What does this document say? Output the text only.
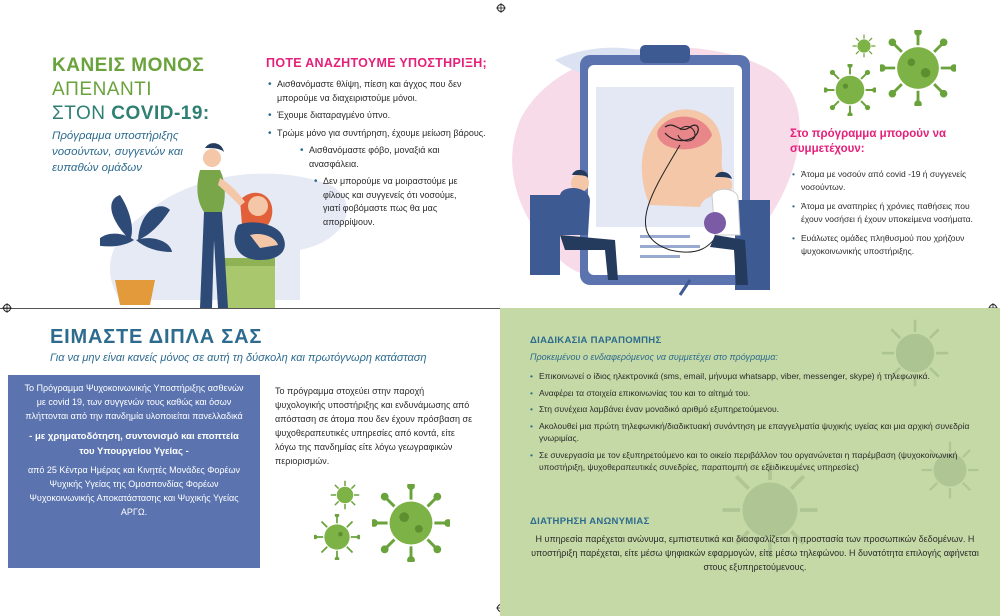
ΚΑΝΕΙΣ ΜΟΝΟΣ
ΑΠΕΝΑΝΤΙ
ΣΤΟΝ COVID-19:
Πρόγραμμα υποστήριξης νοσούντων, συγγενών και ευπαθών ομάδων
ΠΟΤΕ ΑΝΑΖΗΤΟΥΜΕ ΥΠΟΣΤΗΡΙΞΗ;
• Αισθανόμαστε θλίψη, πίεση και άγχος που δεν μπορούμε να διαχειριστούμε μόνοι.
• Έχουμε διαταραγμένο ύπνο.
• Τρώμε μόνο για συντήρηση, έχουμε μείωση βάρους.
• Αισθανόμαστε φόβο, μοναξιά και ανασφάλεια.
• Δεν μπορούμε να μοιραστούμε με φίλους και συγγενείς ότι νοσούμε, γιατί φοβόμαστε πως θα μας απορρίψουν.
Στο πρόγραμμα μπορούν να συμμετέχουν:
• Άτομα με νοσούν από covid -19 ή συγγενείς νοσούντων.
• Άτομα με αναπηρίες ή χρόνιες παθήσεις που έχουν νοσήσει ή έχουν υποκείμενα νοσήματα.
• Ευάλωτες ομάδες πληθυσμού που χρήζουν ψυχοκοινωνικής υποστήριξης.
ΕΙΜΑΣΤΕ ΔΙΠΛΑ ΣΑΣ
Για να μην είναι κανείς μόνος σε αυτή τη δύσκολη και πρωτόγνωρη κατάσταση
Το Πρόγραμμα Ψυχοκοινωνικής Υποστήριξης ασθενών με covid 19, των συγγενών τους καθώς και όσων πλήττονται από την πανδημία υλοποιείται πανελλαδικά
- με χρηματοδότηση, συντονισμό και εποπτεία του Υπουργείου Υγείας -
από 25 Κέντρα Ημέρας και Κινητές Μονάδες Φορέων Ψυχικής Υγείας της Ομοσπονδίας Φορέων Ψυχοκοινωνικής Αποκατάστασης και Ψυχικής Υγείας ΑΡΓΩ.
Το πρόγραμμα στοχεύει στην παροχή ψυχολογικής υποστήριξης και ενδυνάμωσης από απόσταση σε άτομα που δεν έχουν πρόσβαση σε ψυχοθεραπευτικές υπηρεσίες από κοντά, είτε λόγω της πανδημίας είτε λόγω γεωγραφικών περιορισμών.
ΔΙΑΔΙΚΑΣΙΑ ΠΑΡΑΠΟΜΠΗΣ
Προκειμένου ο ενδιαφερόμενος να συμμετέχει στο πρόγραμμα:
• Επικοινωνεί ο ίδιος ηλεκτρονικά (sms, email, μήνυμα whatsapp, viber, messenger, skype) ή τηλεφωνικά.
• Αναφέρει τα στοιχεία επικοινωνίας του και το αίτημά του.
• Στη συνέχεια λαμβάνει έναν μοναδικό αριθμό εξυπηρετούμενου.
• Ακολουθεί μια πρώτη τηλεφωνική/διαδικτυακή συνάντηση με επαγγελματία ψυχικής υγείας και μια αρχική συνεδρία γνωριμίας.
• Σε συνεργασία με τον εξυπηρετούμενο και το οικείο περιβάλλον του οργανώνεται η παρέμβαση (ψυχοκοινωνική υποστήριξη, ψυχοθεραπευτικές συνεδρίες, παραπομπή σε εξειδικευμένες υπηρεσίες)
ΔΙΑΤΗΡΗΣΗ ΑΝΩΝΥΜΙΑΣ
Η υπηρεσία παρέχεται ανώνυμα, εμπιστευτικά και διασφαλίζεται η προστασία των προσωπικών δεδομένων. Η υποστήριξη παρέχεται, είτε μέσω ψηφιακών εφαρμογών, είτε μέσω τηλεφώνου. Η δυνατότητα επιλογής αφήνεται στους εξυπηρετούμενους.
